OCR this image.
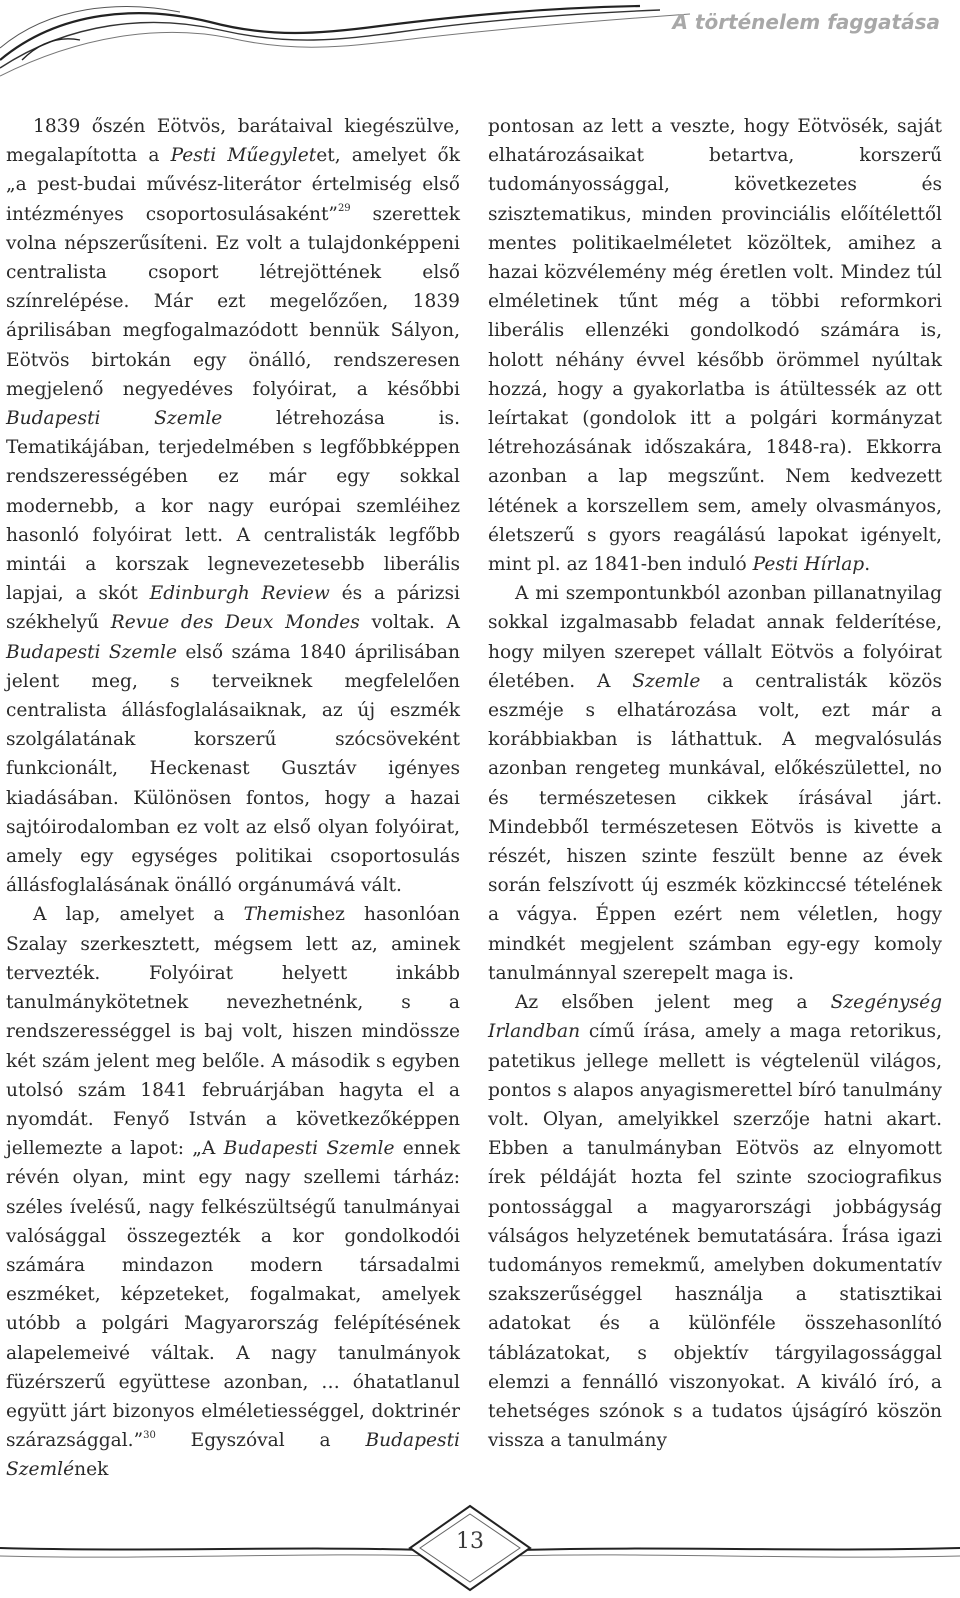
A történelem faggatása

1839 őszén Eötvös, barátaival kiegészülve, megalapította a Pesti Műegyletet, amelyet ők „a pest-budai művész-literátor értelmiség első intézményes csoportosulásaként”$^{29}$ szerettek volna népszerűsíteni. Ez volt a tulajdonképpeni centralista csoport létrejöttének első színrelépése. Már ezt megelőzően, 1839 áprilisában megfogalmazódott bennük Sályon, Eötvös birtokán egy önálló, rendszeresen megjelenő negyedéves folyóirat, a későbbi Budapesti Szemle létrehozása is. Tematikájában, terjedelmében s legfőbbképpen rendszerességében ez már egy sokkal modernebb, a kor nagy európai szemléihez hasonló folyóirat lett. A centralisták legfőbb mintái a korszak legnevezetesebb liberális lapjai, a skót Edinburgh Review és a párizsi székhelyű Revue des Deux Mondes voltak. A Budapesti Szemle első száma 1840 áprilisában jelent meg, s terveiknek megfelelően centralista állásfoglalásaiknak, az új eszmék szolgálatának korszerű szócsöveként funkcionált, Heckenast Gusztáv igényes kiadásában. Különösen fontos, hogy a hazai sajtóirodalomban ez volt az első olyan folyóirat, amely egy egységes politikai csoportosulás állásfoglalásának önálló orgánumává vált.

A lap, amelyet a Themishez hasonlóan Szalay szerkesztett, mégsem lett az, aminek tervezték. Folyóirat helyett inkább tanulmánykötetnek nevezhetnénk, s a rendszerességgel is baj volt, hiszen mindössze két szám jelent meg belőle. A második s egyben utolsó szám 1841 februárjában hagyta el a nyomdát. Fenyő István a következőképpen jellemezte a lapot: „A Budapesti Szemle ennek révén olyan, mint egy nagy szellemi tárház: széles ívelésű, nagy felkészültségű tanulmányai valósággal összegezték a kor gondolkodói számára mindazon modern társadalmi eszméket, képzeteket, fogalmakat, amelyek utóbb a polgári Magyarország felépítésének alapelemeivé váltak. A nagy tanulmányok füzérszerű együttese azonban, … óhatatlanul együtt járt bizonyos elméletiességgel, doktrinér szárazsággal.”$^{30}$ Egyszóval a Budapesti Szemlének

pontosan az lett a veszte, hogy Eötvösék, saját elhatározásaikat betartva, korszerű tudományossággal, következetes és szisztematikus, minden provinciális előítélettől mentes politikaelméletet közöltek, amihez a hazai közvélemény még éretlen volt. Mindez túl elméletinek tűnt még a többi reformkori liberális ellenzéki gondolkodó számára is, holott néhány évvel később örömmel nyúltak hozzá, hogy a gyakorlatba is átültessék az ott leírtakat (gondolok itt a polgári kormányzat létrehozásának időszakára, 1848-ra). Ekkorra azonban a lap megszűnt. Nem kedvezett létének a korszellem sem, amely olvasmányos, életszerű s gyors reagálású lapokat igényelt, mint pl. az 1841-ben induló Pesti Hírlap.

A mi szempontunkból azonban pillanatnyilag sokkal izgalmasabb feladat annak felderítése, hogy milyen szerepet vállalt Eötvös a folyóirat életében. A Szemle a centralisták közös eszméje s elhatározása volt, ezt már a korábbiakban is láthattuk. A megvalósulás azonban rengeteg munkával, előkészülettel, no és természetesen cikkek írásával járt. Mindebből természetesen Eötvös is kivette a részét, hiszen szinte feszült benne az évek során felszívott új eszmék közkinccsé tételének a vágya. Éppen ezért nem véletlen, hogy mindkét megjelent számban egy-egy komoly tanulmánnyal szerepelt maga is.

Az elsőben jelent meg a Szegénység Irlandban című írása, amely a maga retorikus, patetikus jellege mellett is végtelenül világos, pontos s alapos anyagismerettel bíró tanulmány volt. Olyan, amelyikkel szerzője hatni akart. Ebben a tanulmányban Eötvös az elnyomott írek példáját hozta fel szinte szociografikus pontossággal a magyarországi jobbágyság válságos helyzetének bemutatására. Írása igazi tudományos remekmű, amelyben dokumentatív szakszerűséggel használja a statisztikai adatokat és a különféle összehasonlító táblázatokat, s objektív tárgyilagossággal elemzi a fennálló viszonyokat. A kiváló író, a tehetséges szónok s a tudatos újságíró köszön vissza a tanulmány

13
